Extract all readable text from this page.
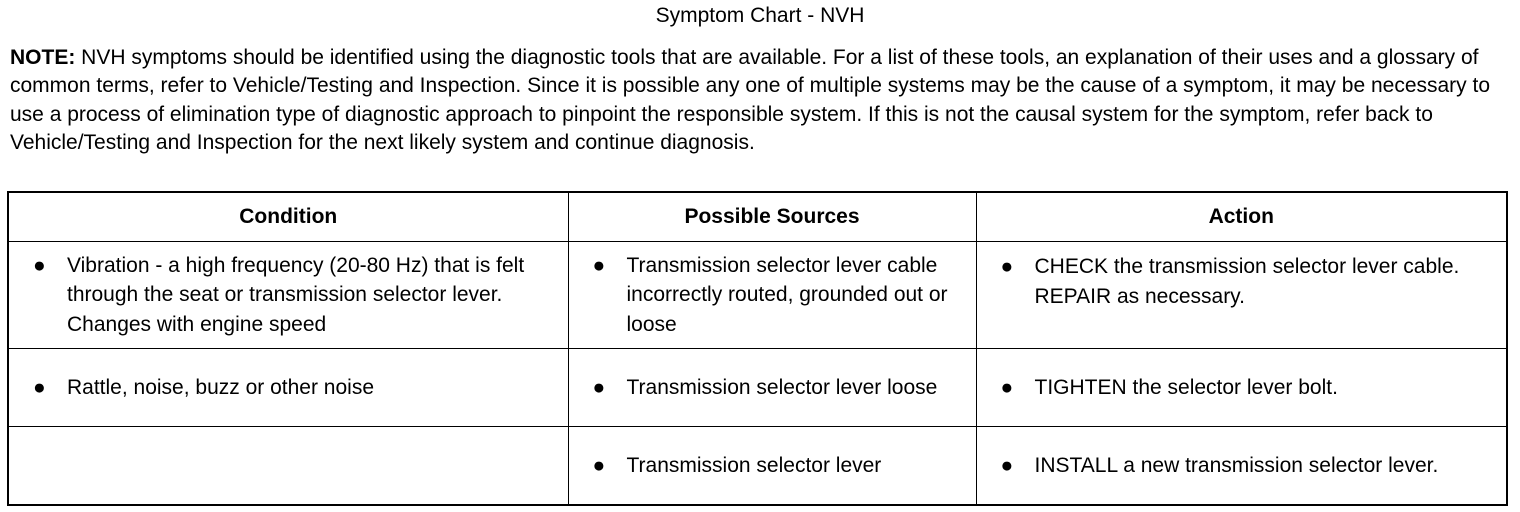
Symptom Chart - NVH
NOTE: NVH symptoms should be identified using the diagnostic tools that are available. For a list of these tools, an explanation of their uses and a glossary of common terms, refer to Vehicle/Testing and Inspection. Since it is possible any one of multiple systems may be the cause of a symptom, it may be necessary to use a process of elimination type of diagnostic approach to pinpoint the responsible system. If this is not the causal system for the symptom, refer back to Vehicle/Testing and Inspection for the next likely system and continue diagnosis.
Condition	Possible Sources	Action

● Vibration - a high frequency (20-80 Hz) that is felt through the seat or transmission selector lever. Changes with engine speed	● Transmission selector lever cable incorrectly routed, grounded out or loose	● CHECK the transmission selector lever cable. REPAIR as necessary.

● Rattle, noise, buzz or other noise	● Transmission selector lever loose	● TIGHTEN the selector lever bolt.

	● Transmission selector lever	● INSTALL a new transmission selector lever.
